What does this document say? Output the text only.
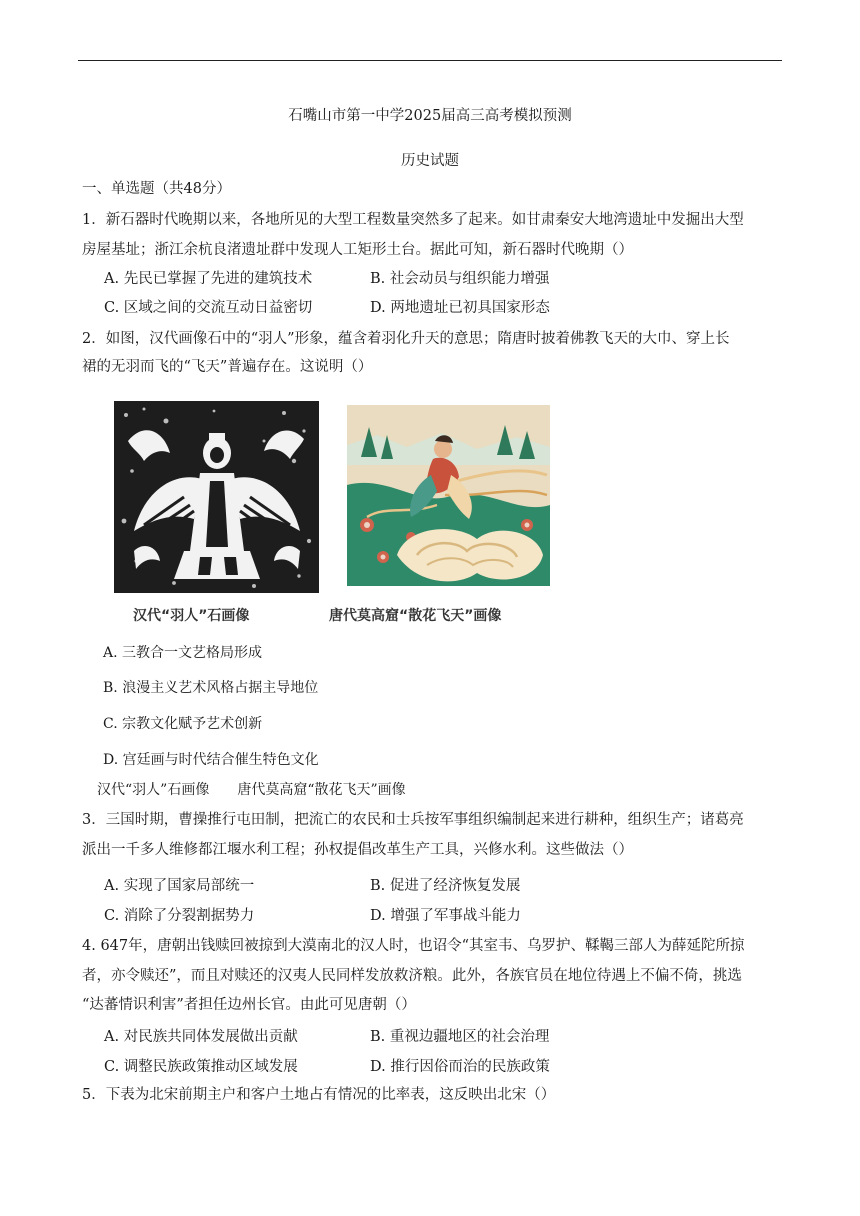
石嘴山市第一中学2025届高三高考模拟预测
历史试题
一、单选题（共48分）
1．新石器时代晚期以来，各地所见的大型工程数量突然多了起来。如甘肃秦安大地湾遗址中发掘出大型
房屋基址；浙江余杭良渚遗址群中发现人工矩形土台。据此可知，新石器时代晚期（）
A. 先民已掌握了先进的建筑技术	B. 社会动员与组织能力增强
C. 区域之间的交流互动日益密切	D. 两地遗址已初具国家形态
2．如图，汉代画像石中的“羽人”形象，蕴含着羽化升天的意思；隋唐时披着佛教飞天的大巾、穿上长
裙的无羽而飞的“飞天”普遍存在。这说明（）
汉代“羽人”石画像	唐代莫高窟“散花飞天”画像
A. 三教合一文艺格局形成
B. 浪漫主义艺术风格占据主导地位
C. 宗教文化赋予艺术创新
D. 宫廷画与时代结合催生特色文化
汉代“羽人”石画像　　唐代莫高窟“散花飞天”画像
3．三国时期，曹操推行屯田制，把流亡的农民和士兵按军事组织编制起来进行耕种，组织生产；诸葛亮
派出一千多人维修都江堰水利工程；孙权提倡改革生产工具，兴修水利。这些做法（）
A. 实现了国家局部统一	B. 促进了经济恢复发展
C. 消除了分裂割据势力	D. 增强了军事战斗能力
4. 647年，唐朝出钱赎回被掠到大漠南北的汉人时，也诏令“其室韦、乌罗护、鞣鞨三部人为薛延陀所掠
者，亦令赎还”，而且对赎还的汉夷人民同样发放救济粮。此外，各族官员在地位待遇上不偏不倚，挑选
“达蕃情识利害”者担任边州长官。由此可见唐朝（）
A. 对民族共同体发展做出贡献	B. 重视边疆地区的社会治理
C. 调整民族政策推动区域发展	D. 推行因俗而治的民族政策
5．下表为北宋前期主户和客户土地占有情况的比率表，这反映出北宋（）
